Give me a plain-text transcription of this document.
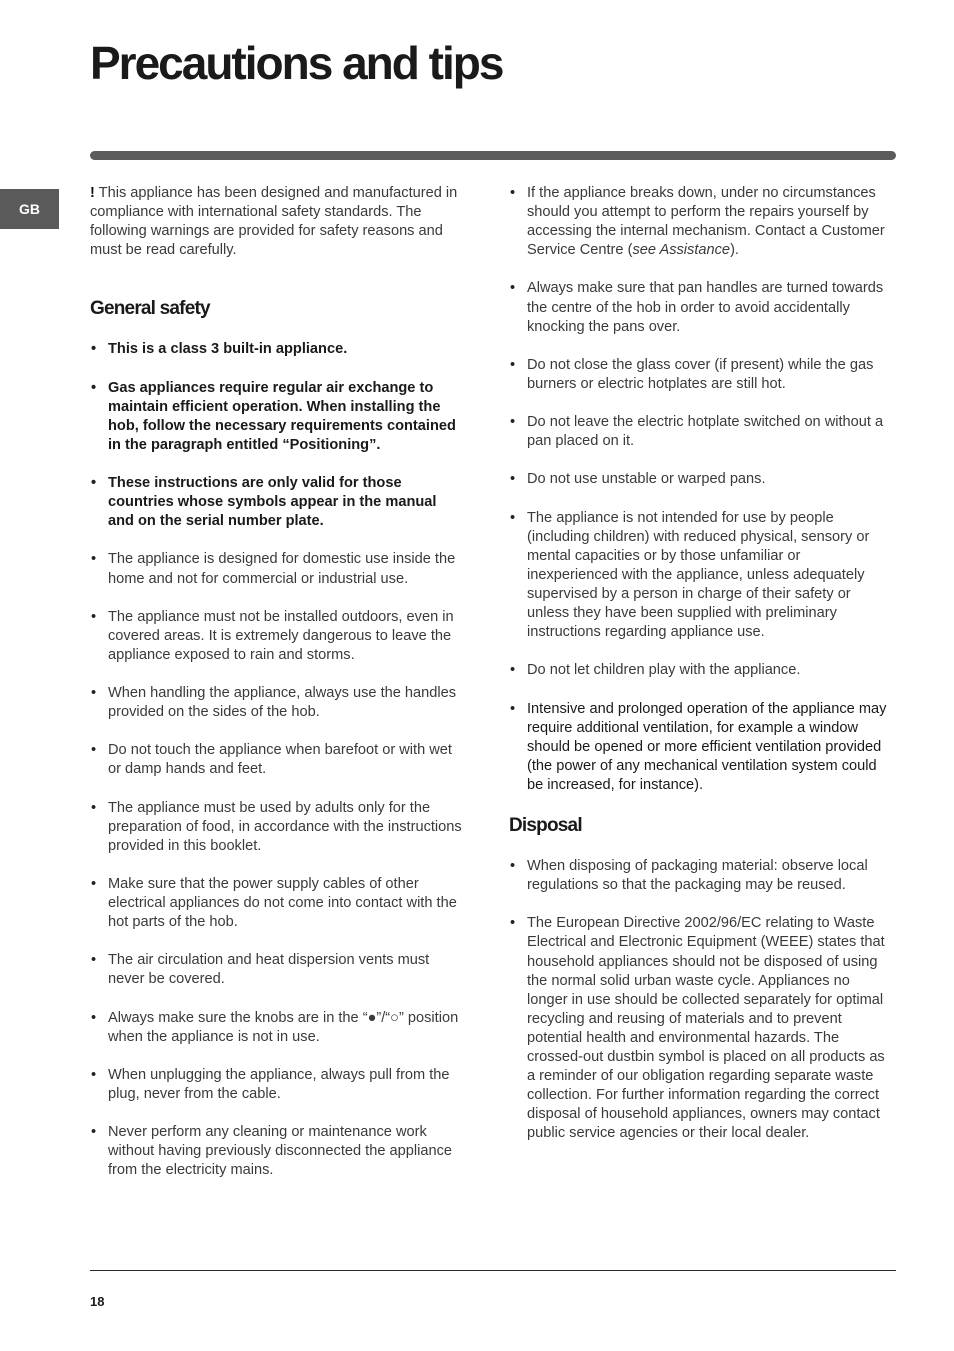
Precautions and tips
GB

! This appliance has been designed and manufactured in compliance with international safety standards. The following warnings are provided for safety reasons and must be read carefully.

General safety
• This is a class 3 built-in appliance.
• Gas appliances require regular air exchange to maintain efficient operation. When installing the hob, follow the necessary requirements contained in the paragraph entitled “Positioning”.
• These instructions are only valid for those countries whose symbols appear in the manual and on the serial number plate.
• The appliance is designed for domestic use inside the home and not for commercial or industrial use.
• The appliance must not be installed outdoors, even in covered areas. It is extremely dangerous to leave the appliance exposed to rain and storms.
• When handling the appliance, always use the handles provided on the sides of the hob.
• Do not touch the appliance when barefoot or with wet or damp hands and feet.
• The appliance must be used by adults only for the preparation of food, in accordance with the instructions provided in this booklet.
• Make sure that the power supply cables of other electrical appliances do not come into contact with the hot parts of the hob.
• The air circulation and heat dispersion vents must never be covered.
• Always make sure the knobs are in the “●”/“○” position when the appliance is not in use.
• When unplugging the appliance, always pull from the plug, never from the cable.
• Never perform any cleaning or maintenance work without having previously disconnected the appliance from the electricity mains.
• If the appliance breaks down, under no circumstances should you attempt to perform the repairs yourself by accessing the internal mechanism. Contact a Customer Service Centre (see Assistance).
• Always make sure that pan handles are turned towards the centre of the hob in order to avoid accidentally knocking the pans over.
• Do not close the glass cover (if present) while the gas burners or electric hotplates are still hot.
• Do not leave the electric hotplate switched on without a pan placed on it.
• Do not use unstable or warped pans.
• The appliance is not intended for use by people (including children) with reduced physical, sensory or mental capacities or by those unfamiliar or inexperienced with the appliance, unless adequately supervised by a person in charge of their safety or unless they have been supplied with preliminary instructions regarding appliance use.
• Do not let children play with the appliance.
• Intensive and prolonged operation of the appliance may require additional ventilation, for example a window should be opened or more efficient ventilation provided (the power of any mechanical ventilation system could be increased, for instance).
Disposal
• When disposing of packaging material: observe local regulations so that the packaging may be reused.
• The European Directive 2002/96/EC relating to Waste Electrical and Electronic Equipment (WEEE) states that household appliances should not be disposed of using the normal solid urban waste cycle. Appliances no longer in use should be collected separately for optimal recycling and reusing of materials and to prevent potential health and environmental hazards. The crossed-out dustbin symbol is placed on all products as a reminder of our obligation regarding separate waste collection. For further information regarding the correct disposal of household appliances, owners may contact public service agencies or their local dealer.
18
